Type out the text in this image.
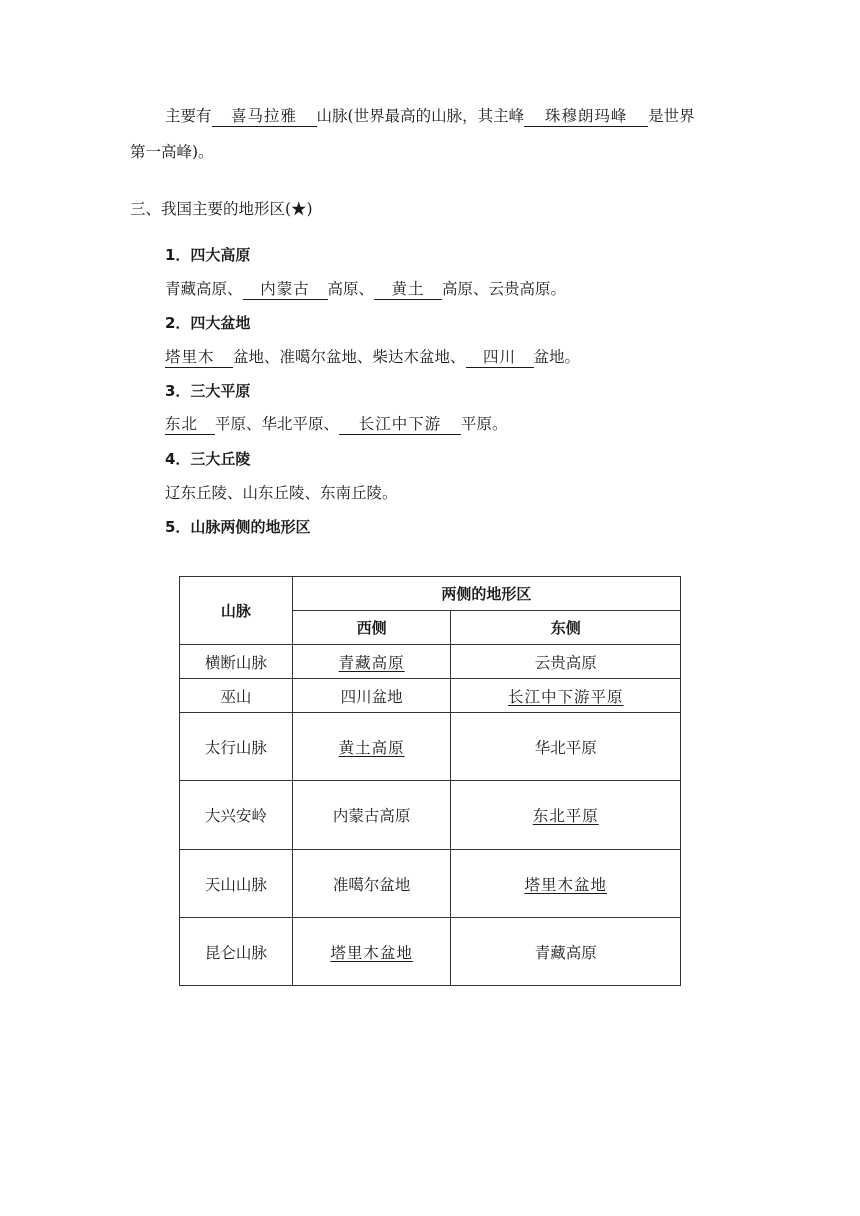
主要有 喜马拉雅 山脉(世界最高的山脉，其主峰 珠穆朗玛峰 是世界
第一高峰)。
三、我国主要的地形区(★)
1．四大高原
青藏高原、 内蒙古 高原、 黄土 高原、云贵高原。
2．四大盆地
塔里木 盆地、准噶尔盆地、柴达木盆地、 四川 盆地。
3．三大平原
东北 平原、华北平原、 长江中下游 平原。
4．三大丘陵
辽东丘陵、山东丘陵、东南丘陵。
5．山脉两侧的地形区
山脉	两侧的地形区	
	西侧	东侧
横断山脉	青藏高原	云贵高原
巫山	四川盆地	长江中下游平原
太行山脉	黄土高原	华北平原
大兴安岭	内蒙古高原	东北平原
天山山脉	准噶尔盆地	塔里木盆地
昆仑山脉	塔里木盆地	青藏高原
